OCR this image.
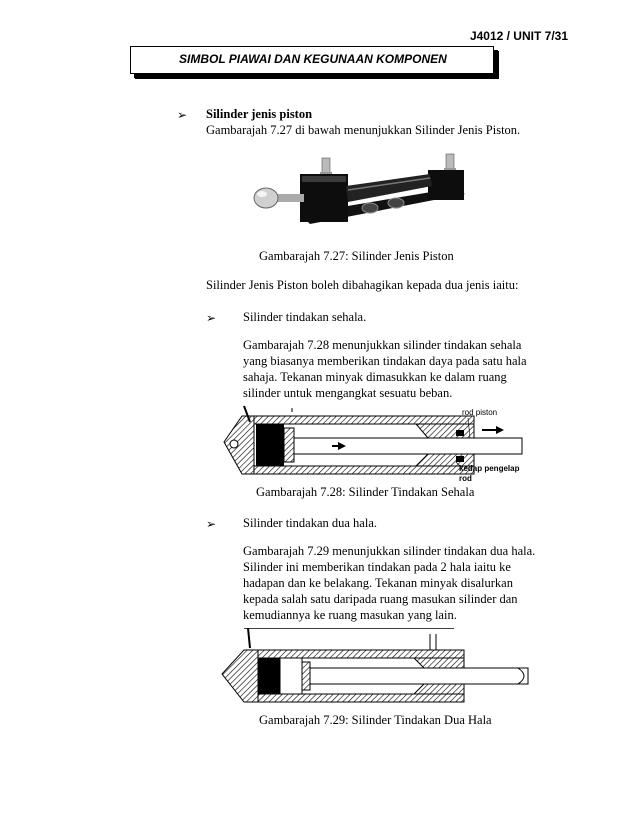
J4012 / UNIT 7/31
SIMBOL PIAWAI DAN KEGUNAAN KOMPONEN
➢ Silinder jenis piston
Gambarajah 7.27 di bawah menunjukkan Silinder Jenis Piston.
Gambarajah 7.27: Silinder Jenis Piston
Silinder Jenis Piston boleh dibahagikan kepada dua jenis iaitu:
➢ Silinder tindakan sehala.
Gambarajah 7.28 menunjukkan silinder tindakan sehala
yang biasanya memberikan tindakan daya pada satu hala
sahaja. Tekanan minyak dimasukkan ke dalam ruang
silinder untuk mengangkat sesuatu beban.
rod piston
kedap pengelap
rod
Gambarajah 7.28: Silinder Tindakan Sehala
➢ Silinder tindakan dua hala.
Gambarajah 7.29 menunjukkan silinder tindakan dua hala.
Silinder ini memberikan tindakan pada 2 hala iaitu ke
hadapan dan ke belakang. Tekanan minyak disalurkan
kepada salah satu daripada ruang masukan silinder dan
kemudiannya ke ruang masukan yang lain.
Gambarajah 7.29: Silinder Tindakan Dua Hala
